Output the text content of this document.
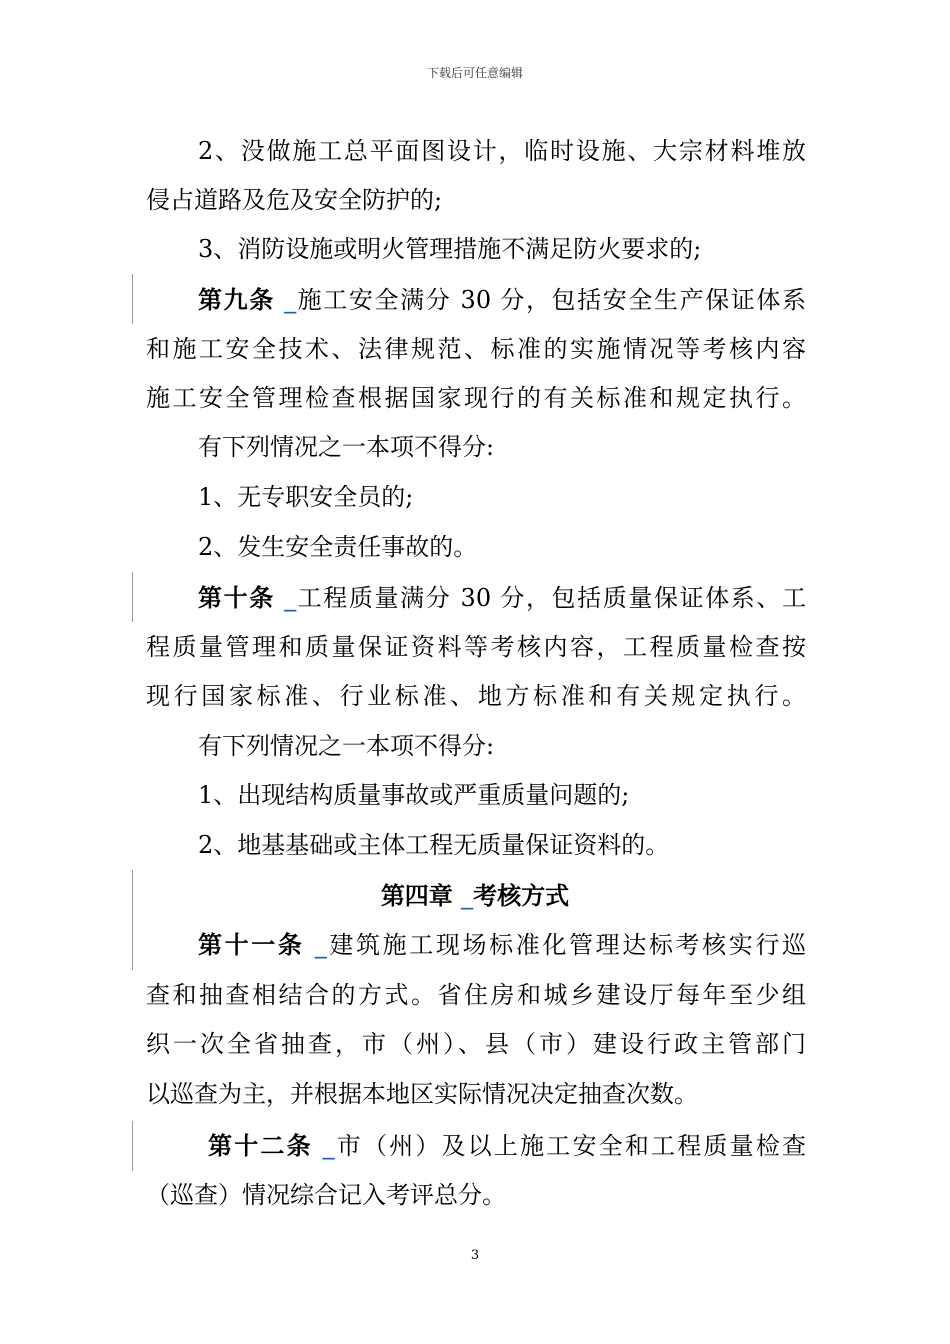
下载后可任意编辑
2、没做施工总平面图设计，临时设施、大宗材料堆放
侵占道路及危及安全防护的;
3、消防设施或明火管理措施不满足防火要求的;
第九条 _施工安全满分 30 分，包括安全生产保证体系
和施工安全技术、法律规范、标准的实施情况等考核内容
施工安全管理检查根据国家现行的有关标准和规定执行。
有下列情况之一本项不得分:
1、无专职安全员的;
2、发生安全责任事故的。
第十条 _工程质量满分 30 分，包括质量保证体系、工
程质量管理和质量保证资料等考核内容，工程质量检查按
现行国家标准、行业标准、地方标准和有关规定执行。
有下列情况之一本项不得分:
1、出现结构质量事故或严重质量问题的;
2、地基基础或主体工程无质量保证资料的。
第四章 _考核方式
第十一条 _建筑施工现场标准化管理达标考核实行巡
查和抽查相结合的方式。省住房和城乡建设厅每年至少组
织一次全省抽查，市（州）、县（市）建设行政主管部门
以巡查为主，并根据本地区实际情况决定抽查次数。
第十二条 _市（州）及以上施工安全和工程质量检查
（巡查）情况综合记入考评总分。
3
